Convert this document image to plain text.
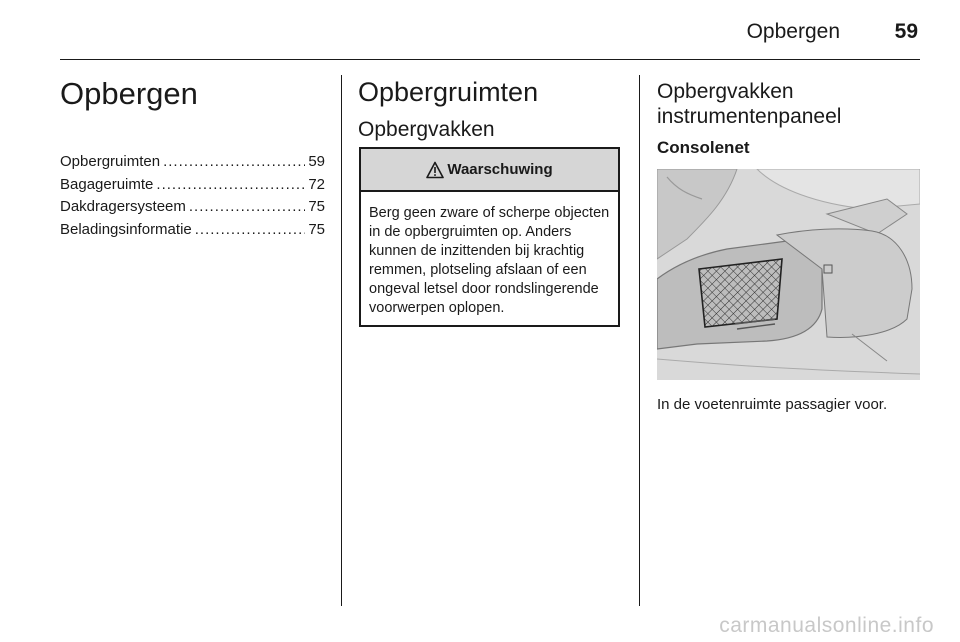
Opbergen	59
Opbergen
Opbergruimten .....	59
Bagageruimte .....	72
Dakdragersysteem .....	75
Beladingsinformatie .....	75
Opbergruimten
Opbergvakken
Waarschuwing

Berg geen zware of scherpe objecten in de opbergruimten op. Anders kunnen de inzittenden bij krachtig remmen, plotseling afslaan of een ongeval letsel door rondslingerende voorwerpen oplopen.

Opbergvakken instrumentenpaneel
Consolenet

In de voetenruimte passagier voor.

carmanualsonline.info
